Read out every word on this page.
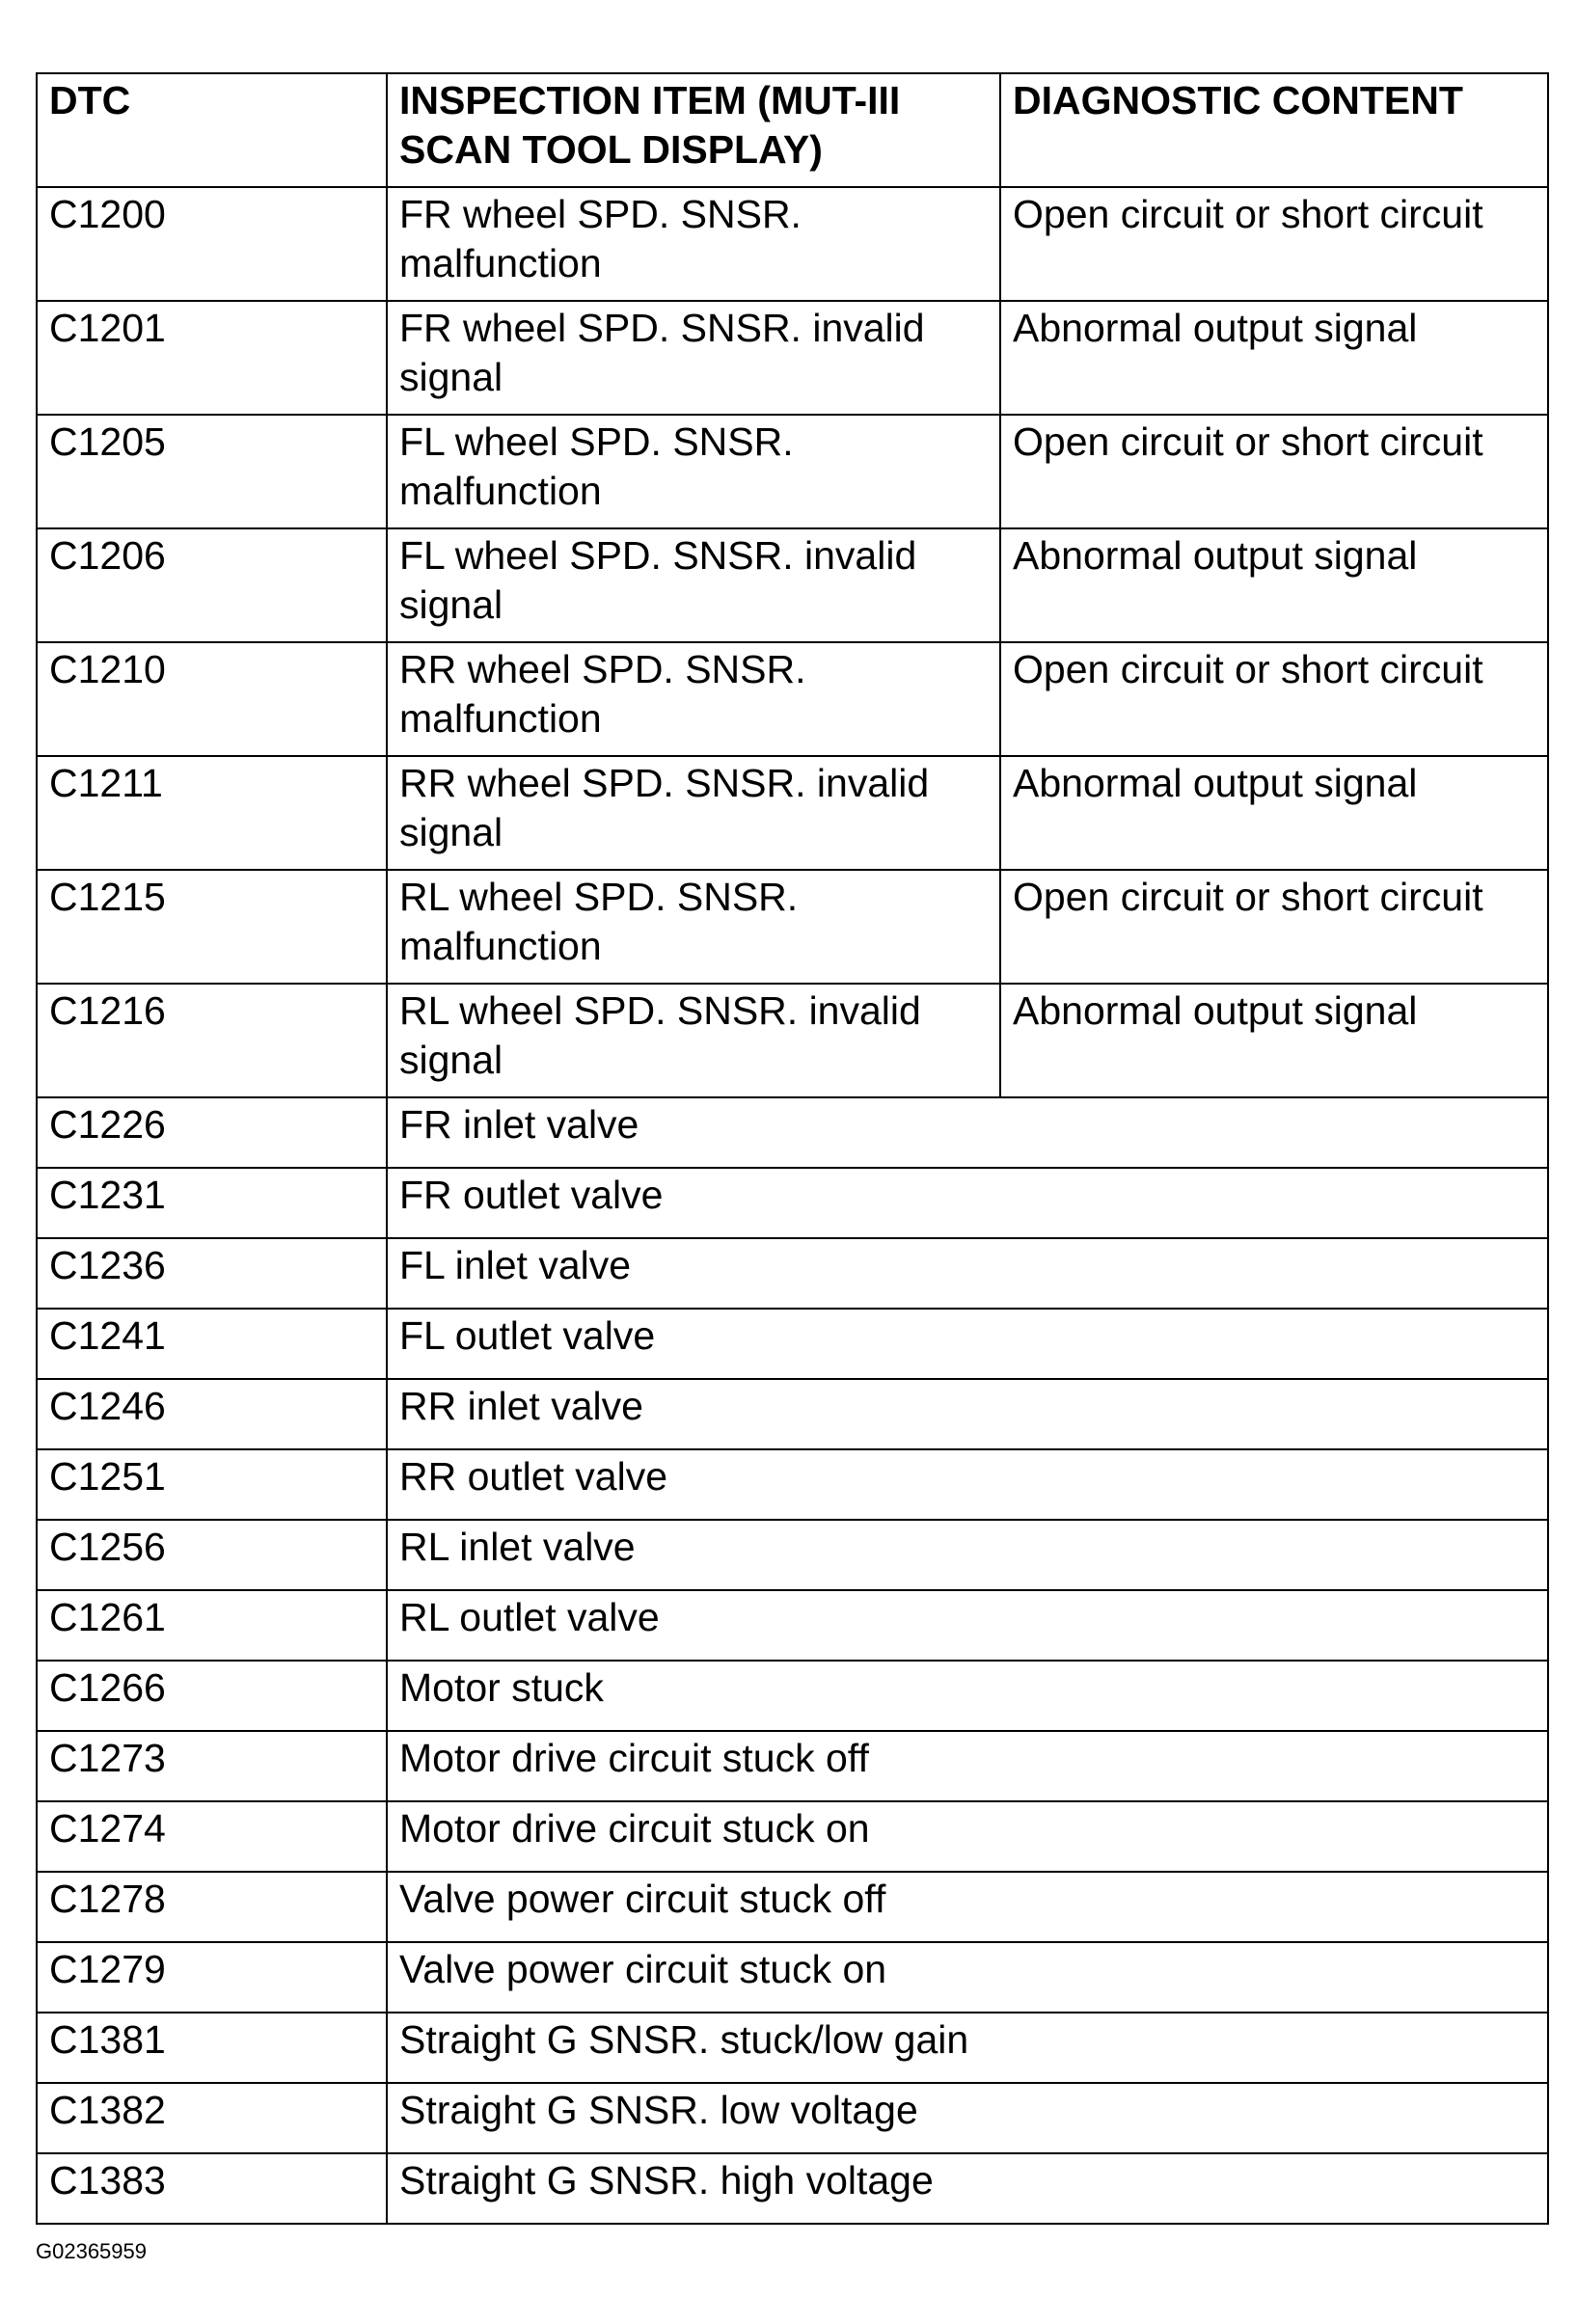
DTC	INSPECTION ITEM (MUT-III SCAN TOOL DISPLAY)	DIAGNOSTIC CONTENT
C1200	FR wheel SPD. SNSR. malfunction	Open circuit or short circuit
C1201	FR wheel SPD. SNSR. invalid signal	Abnormal output signal
C1205	FL wheel SPD. SNSR. malfunction	Open circuit or short circuit
C1206	FL wheel SPD. SNSR. invalid signal	Abnormal output signal
C1210	RR wheel SPD. SNSR. malfunction	Open circuit or short circuit
C1211	RR wheel SPD. SNSR. invalid signal	Abnormal output signal
C1215	RL wheel SPD. SNSR. malfunction	Open circuit or short circuit
C1216	RL wheel SPD. SNSR. invalid signal	Abnormal output signal
C1226	FR inlet valve	
C1231	FR outlet valve	
C1236	FL inlet valve	
C1241	FL outlet valve	
C1246	RR inlet valve	
C1251	RR outlet valve	
C1256	RL inlet valve	
C1261	RL outlet valve	
C1266	Motor stuck	
C1273	Motor drive circuit stuck off	
C1274	Motor drive circuit stuck on	
C1278	Valve power circuit stuck off	
C1279	Valve power circuit stuck on	
C1381	Straight G SNSR. stuck/low gain	
C1382	Straight G SNSR. low voltage	
C1383	Straight G SNSR. high voltage	
G02365959
